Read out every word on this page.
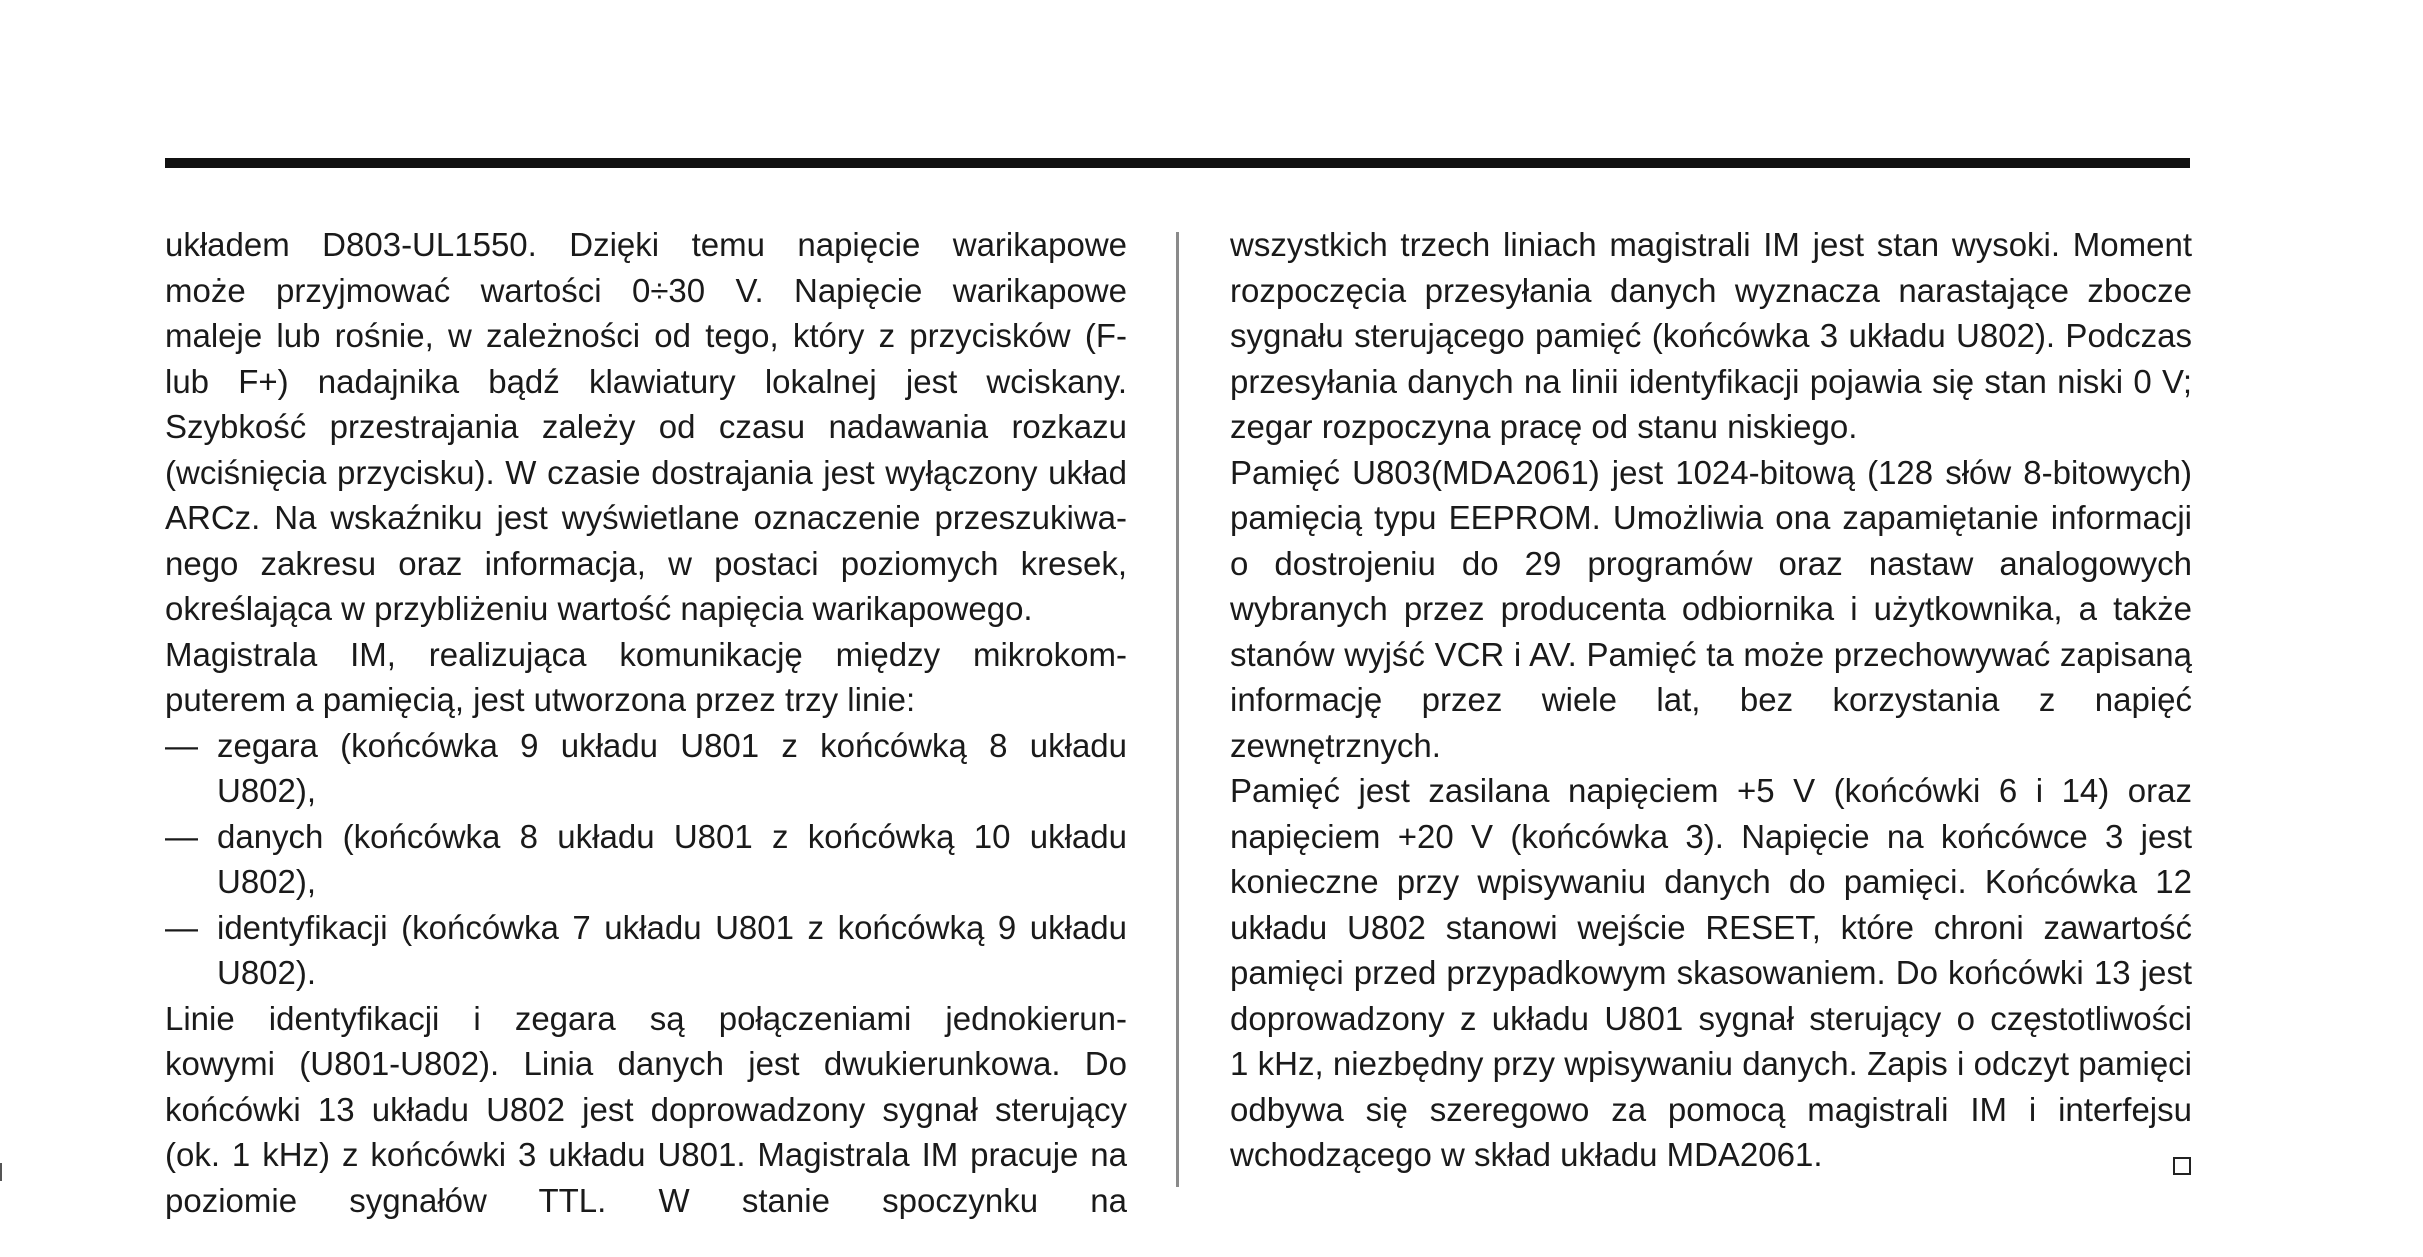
układem D803-UL1550. Dzięki temu napięcie warikapowe
może przyjmować wartości 0÷30 V. Napięcie warikapowe
maleje lub rośnie, w zależności od tego, który z przycisków (F-
lub F+) nadajnika bądź klawiatury lokalnej jest wciskany.
Szybkość przestrajania zależy od czasu nadawania rozkazu
(wciśnięcia przycisku). W czasie dostrajania jest wyłączony układ
ARCz. Na wskaźniku jest wyświetlane oznaczenie przeszukiwa-
nego zakresu oraz informacja, w postaci poziomych kresek,
określająca w przybliżeniu wartość napięcia warikapowego.
Magistrala IM, realizująca komunikację między mikrokom-
puterem a pamięcią, jest utworzona przez trzy linie:
— zegara (końcówka 9 układu U801 z końcówką 8 układu
U802),
— danych (końcówka 8 układu U801 z końcówką 10 układu
U802),
— identyfikacji (końcówka 7 układu U801 z końcówką 9 układu
U802).
Linie identyfikacji i zegara są połączeniami jednokierun-
kowymi (U801-U802). Linia danych jest dwukierunkowa. Do
końcówki 13 układu U802 jest doprowadzony sygnał sterujący
(ok. 1 kHz) z końcówki 3 układu U801. Magistrala IM pracuje na
poziomie sygnałów TTL. W stanie spoczynku na
wszystkich trzech liniach magistrali IM jest stan wysoki. Moment
rozpoczęcia przesyłania danych wyznacza narastające zbocze
sygnału sterującego pamięć (końcówka 3 układu U802). Podczas
przesyłania danych na linii identyfikacji pojawia się stan niski 0 V;
zegar rozpoczyna pracę od stanu niskiego.
Pamięć U803(MDA2061) jest 1024-bitową (128 słów 8-bitowych)
pamięcią typu EEPROM. Umożliwia ona zapamiętanie informacji
o dostrojeniu do 29 programów oraz nastaw analogowych
wybranych przez producenta odbiornika i użytkownika, a także
stanów wyjść VCR i AV. Pamięć ta może przechowywać zapisaną
informację przez wiele lat, bez korzystania z napięć
zewnętrznych.
Pamięć jest zasilana napięciem +5 V (końcówki 6 i 14) oraz
napięciem +20 V (końcówka 3). Napięcie na końcówce 3 jest
konieczne przy wpisywaniu danych do pamięci. Końcówka 12
układu U802 stanowi wejście RESET, które chroni zawartość
pamięci przed przypadkowym skasowaniem. Do końcówki 13 jest
doprowadzony z układu U801 sygnał sterujący o częstotliwości
1 kHz, niezbędny przy wpisywaniu danych. Zapis i odczyt pamięci
odbywa się szeregowo za pomocą magistrali IM i interfejsu
wchodzącego w skład układu MDA2061.
